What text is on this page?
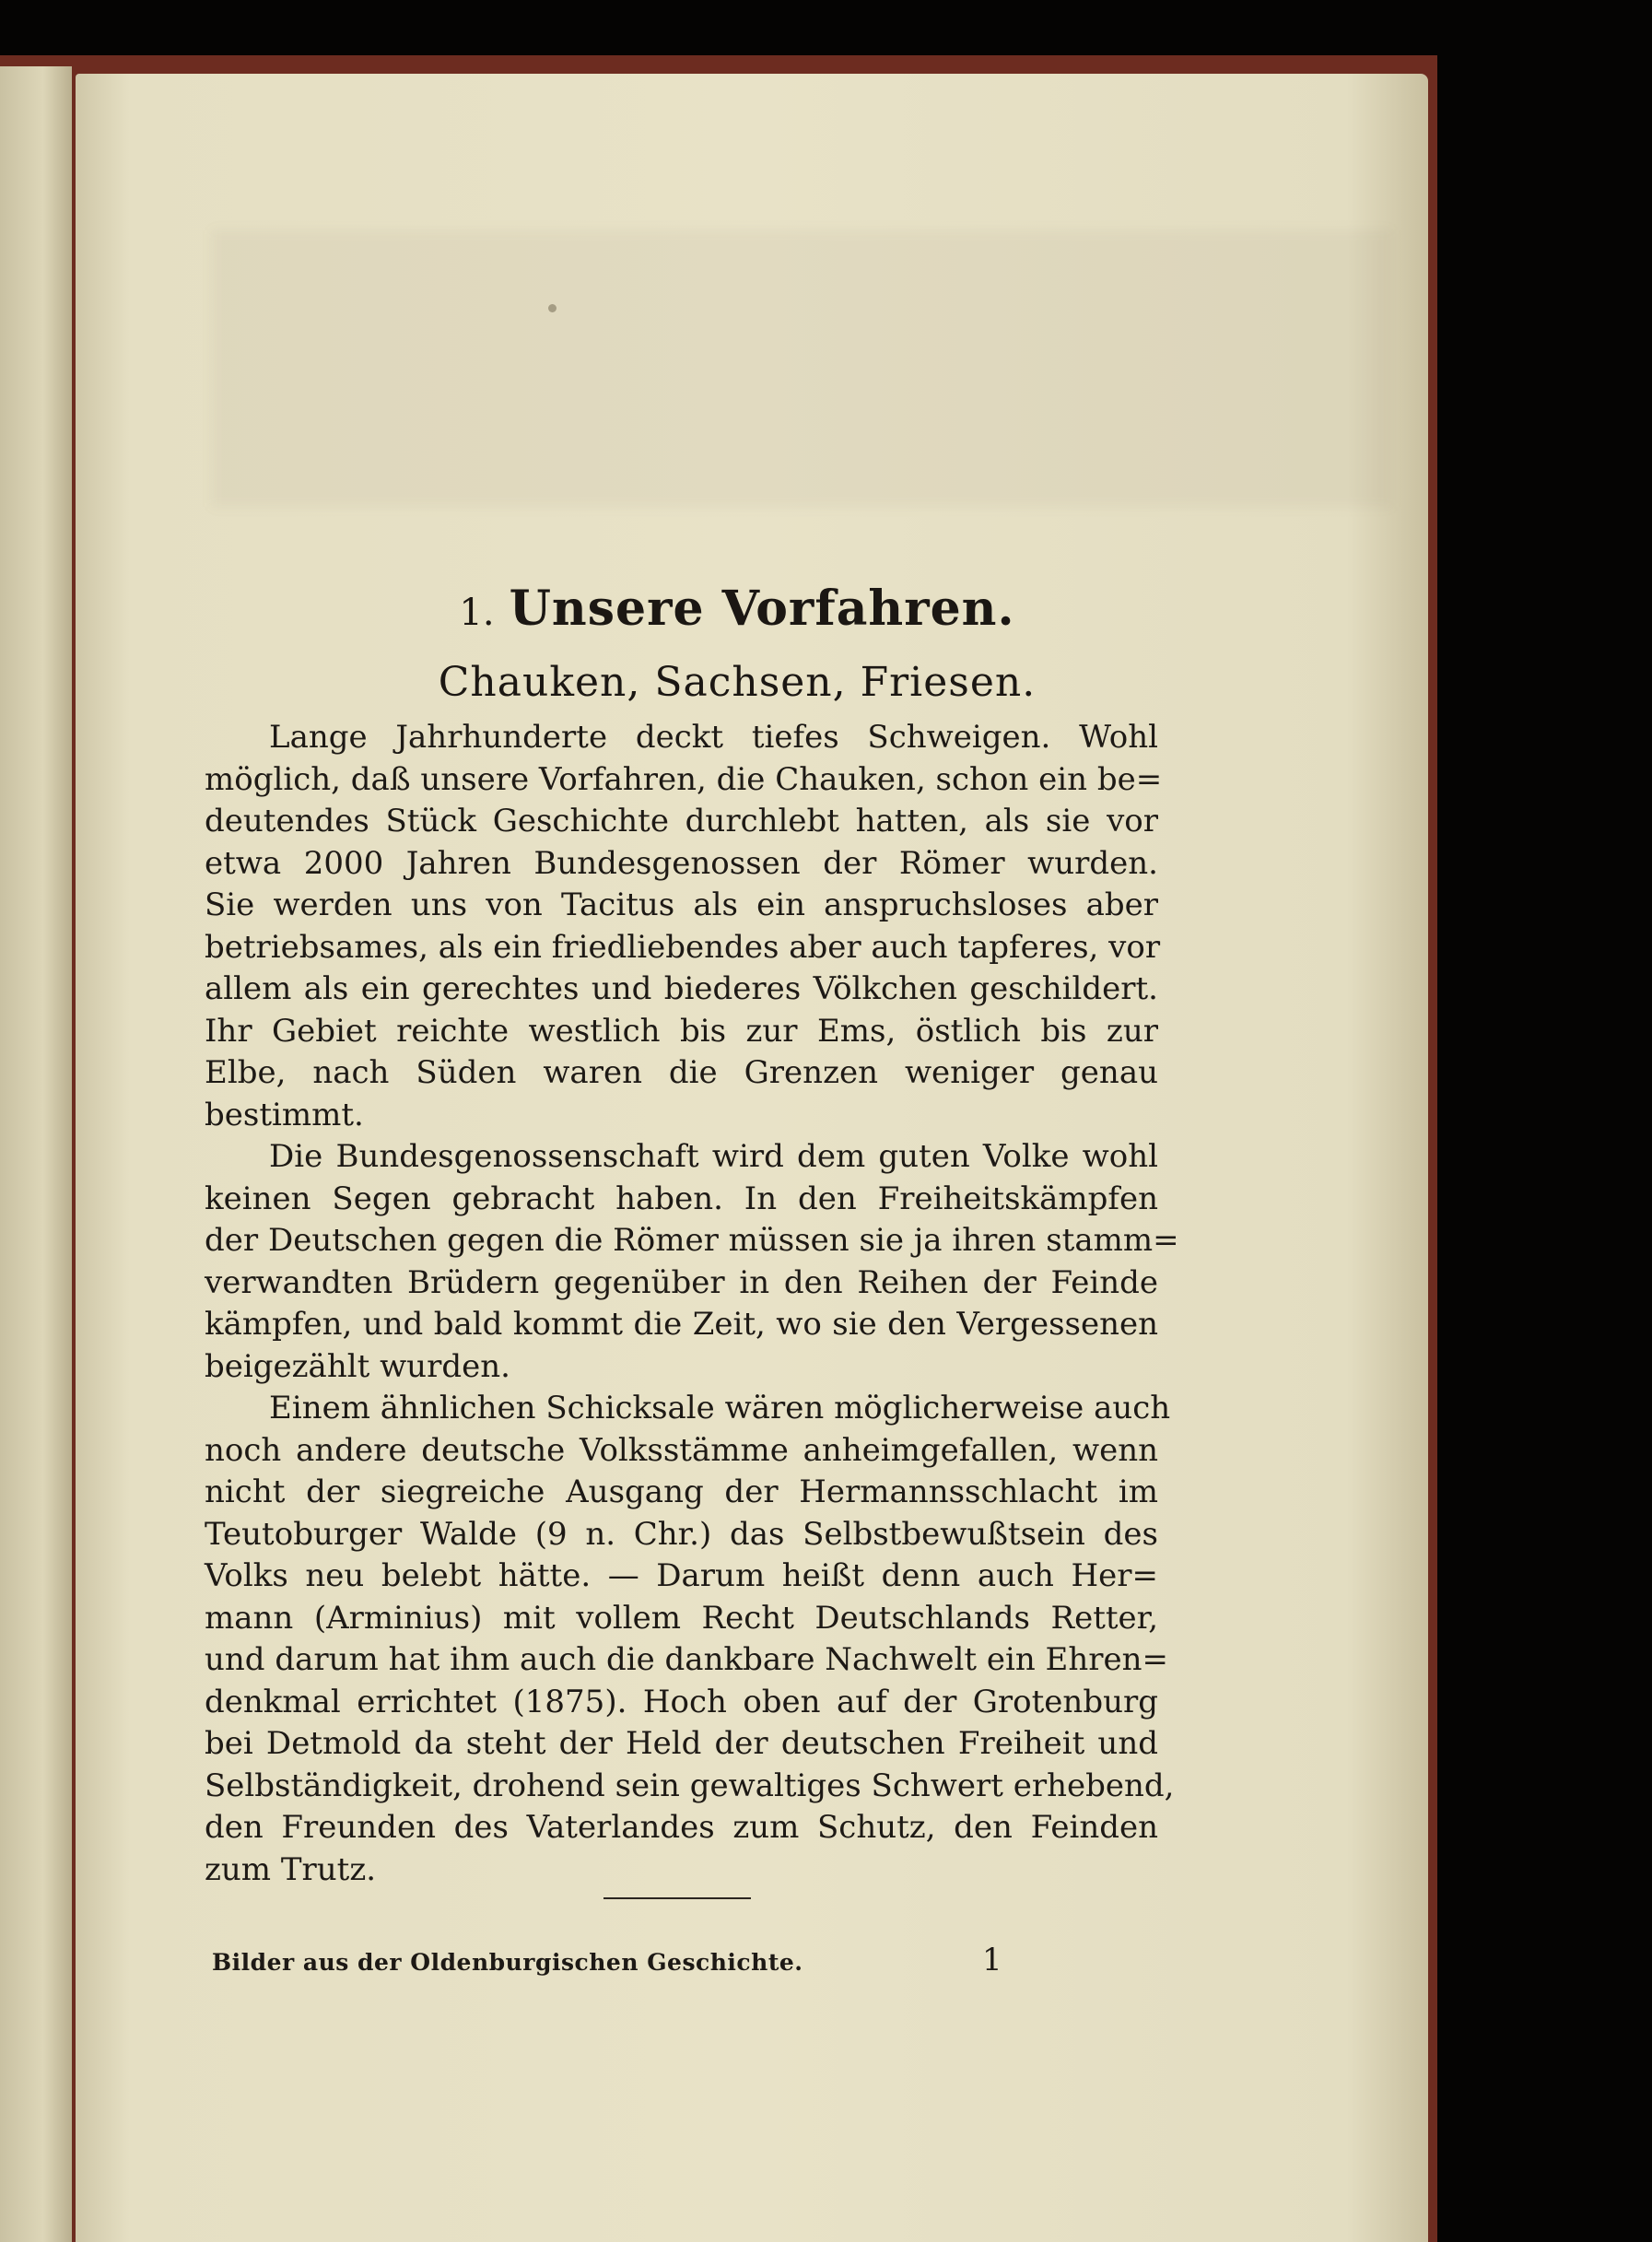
1. Unsere Vorfahren.
Chauken, Sachsen, Friesen.

Lange Jahrhunderte deckt tiefes Schweigen. Wohl
möglich, daß unsere Vorfahren, die Chauken, schon ein be=
deutendes Stück Geschichte durchlebt hatten, als sie vor
etwa 2000 Jahren Bundesgenossen der Römer wurden.
Sie werden uns von Tacitus als ein anspruchsloses aber
betriebsames, als ein friedliebendes aber auch tapferes, vor
allem als ein gerechtes und biederes Völkchen geschildert.
Ihr Gebiet reichte westlich bis zur Ems, östlich bis zur
Elbe, nach Süden waren die Grenzen weniger genau
bestimmt.

Die Bundesgenossenschaft wird dem guten Volke wohl
keinen Segen gebracht haben. In den Freiheitskämpfen
der Deutschen gegen die Römer müssen sie ja ihren stamm=
verwandten Brüdern gegenüber in den Reihen der Feinde
kämpfen, und bald kommt die Zeit, wo sie den Vergessenen
beigezählt wurden.

Einem ähnlichen Schicksale wären möglicherweise auch
noch andere deutsche Volksstämme anheimgefallen, wenn
nicht der siegreiche Ausgang der Hermannsschlacht im
Teutoburger Walde (9 n. Chr.) das Selbstbewußtsein des
Volks neu belebt hätte. — Darum heißt denn auch Her=
mann (Arminius) mit vollem Recht Deutschlands Retter,
und darum hat ihm auch die dankbare Nachwelt ein Ehren=
denkmal errichtet (1875). Hoch oben auf der Grotenburg
bei Detmold da steht der Held der deutschen Freiheit und
Selbständigkeit, drohend sein gewaltiges Schwert erhebend,
den Freunden des Vaterlandes zum Schutz, den Feinden
zum Trutz.

Bilder aus der Oldenburgischen Geschichte.	1
